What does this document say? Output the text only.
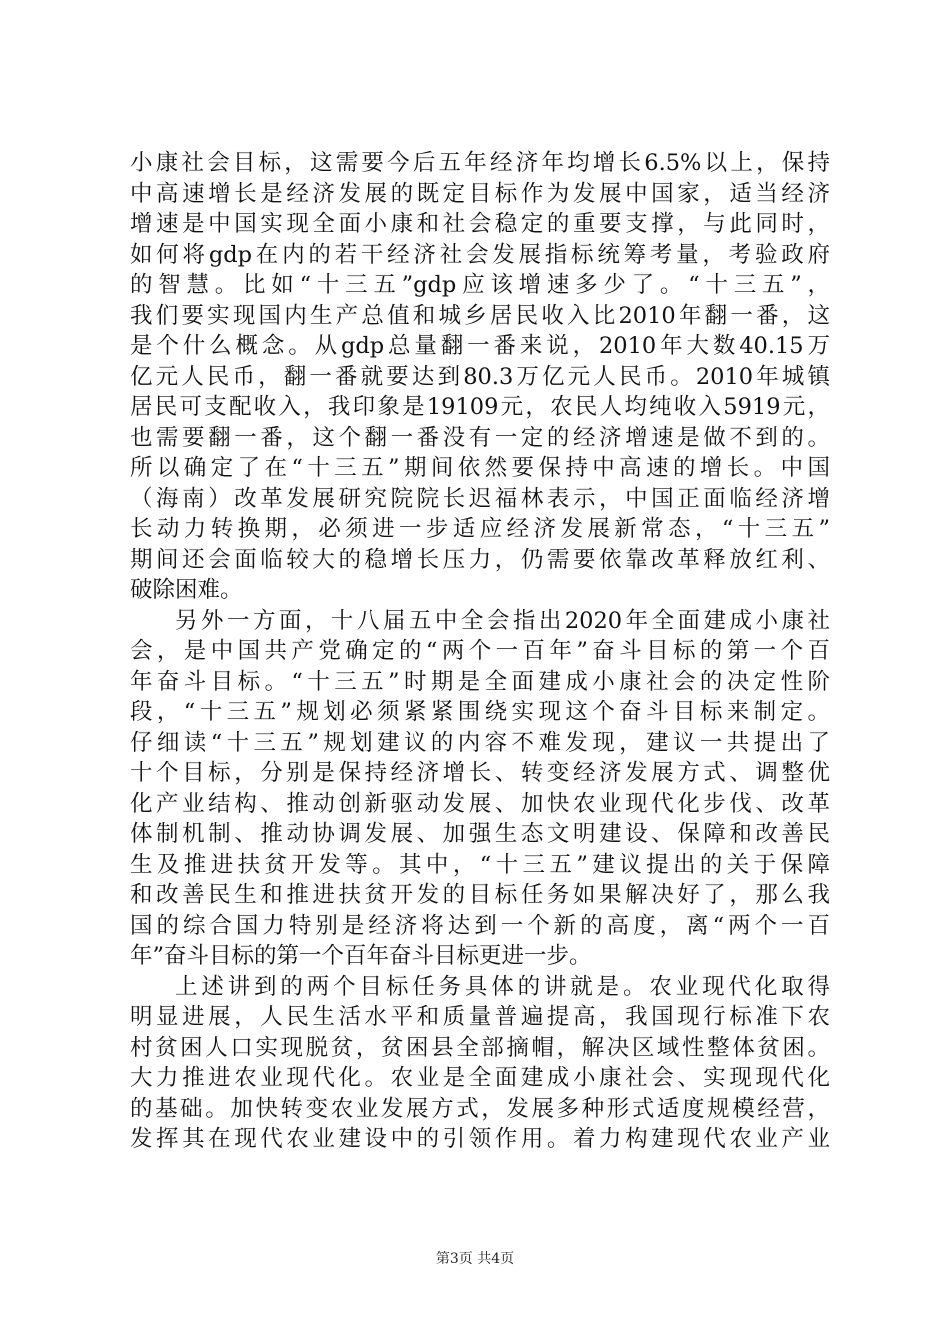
小康社会目标，这需要今后五年经济年均增长6.5%以上，保持
中高速增长是经济发展的既定目标作为发展中国家，适当经济
增速是中国实现全面小康和社会稳定的重要支撑，与此同时，
如何将gdp在内的若干经济社会发展指标统筹考量，考验政府
的智慧。比如“十三五”gdp应该增速多少了。“十三五”，
我们要实现国内生产总值和城乡居民收入比2010年翻一番，这
是个什么概念。从gdp总量翻一番来说，2010年大数40.15万
亿元人民币，翻一番就要达到80.3万亿元人民币。2010年城镇
居民可支配收入，我印象是19109元，农民人均纯收入5919元，
也需要翻一番，这个翻一番没有一定的经济增速是做不到的。
所以确定了在“十三五”期间依然要保持中高速的增长。中国
（海南）改革发展研究院院长迟福林表示，中国正面临经济增
长动力转换期，必须进一步适应经济发展新常态，“十三五”
期间还会面临较大的稳增长压力，仍需要依靠改革释放红利、
破除困难。
另外一方面，十八届五中全会指出2020年全面建成小康社
会，是中国共产党确定的“两个一百年”奋斗目标的第一个百
年奋斗目标。“十三五”时期是全面建成小康社会的决定性阶
段，“十三五”规划必须紧紧围绕实现这个奋斗目标来制定。
仔细读“十三五”规划建议的内容不难发现，建议一共提出了
十个目标，分别是保持经济增长、转变经济发展方式、调整优
化产业结构、推动创新驱动发展、加快农业现代化步伐、改革
体制机制、推动协调发展、加强生态文明建设、保障和改善民
生及推进扶贫开发等。其中，“十三五”建议提出的关于保障
和改善民生和推进扶贫开发的目标任务如果解决好了，那么我
国的综合国力特别是经济将达到一个新的高度，离“两个一百
年”奋斗目标的第一个百年奋斗目标更进一步。
上述讲到的两个目标任务具体的讲就是。农业现代化取得
明显进展，人民生活水平和质量普遍提高，我国现行标准下农
村贫困人口实现脱贫，贫困县全部摘帽，解决区域性整体贫困。
大力推进农业现代化。农业是全面建成小康社会、实现现代化
的基础。加快转变农业发展方式，发展多种形式适度规模经营，
发挥其在现代农业建设中的引领作用。着力构建现代农业产业
第3页 共4页
